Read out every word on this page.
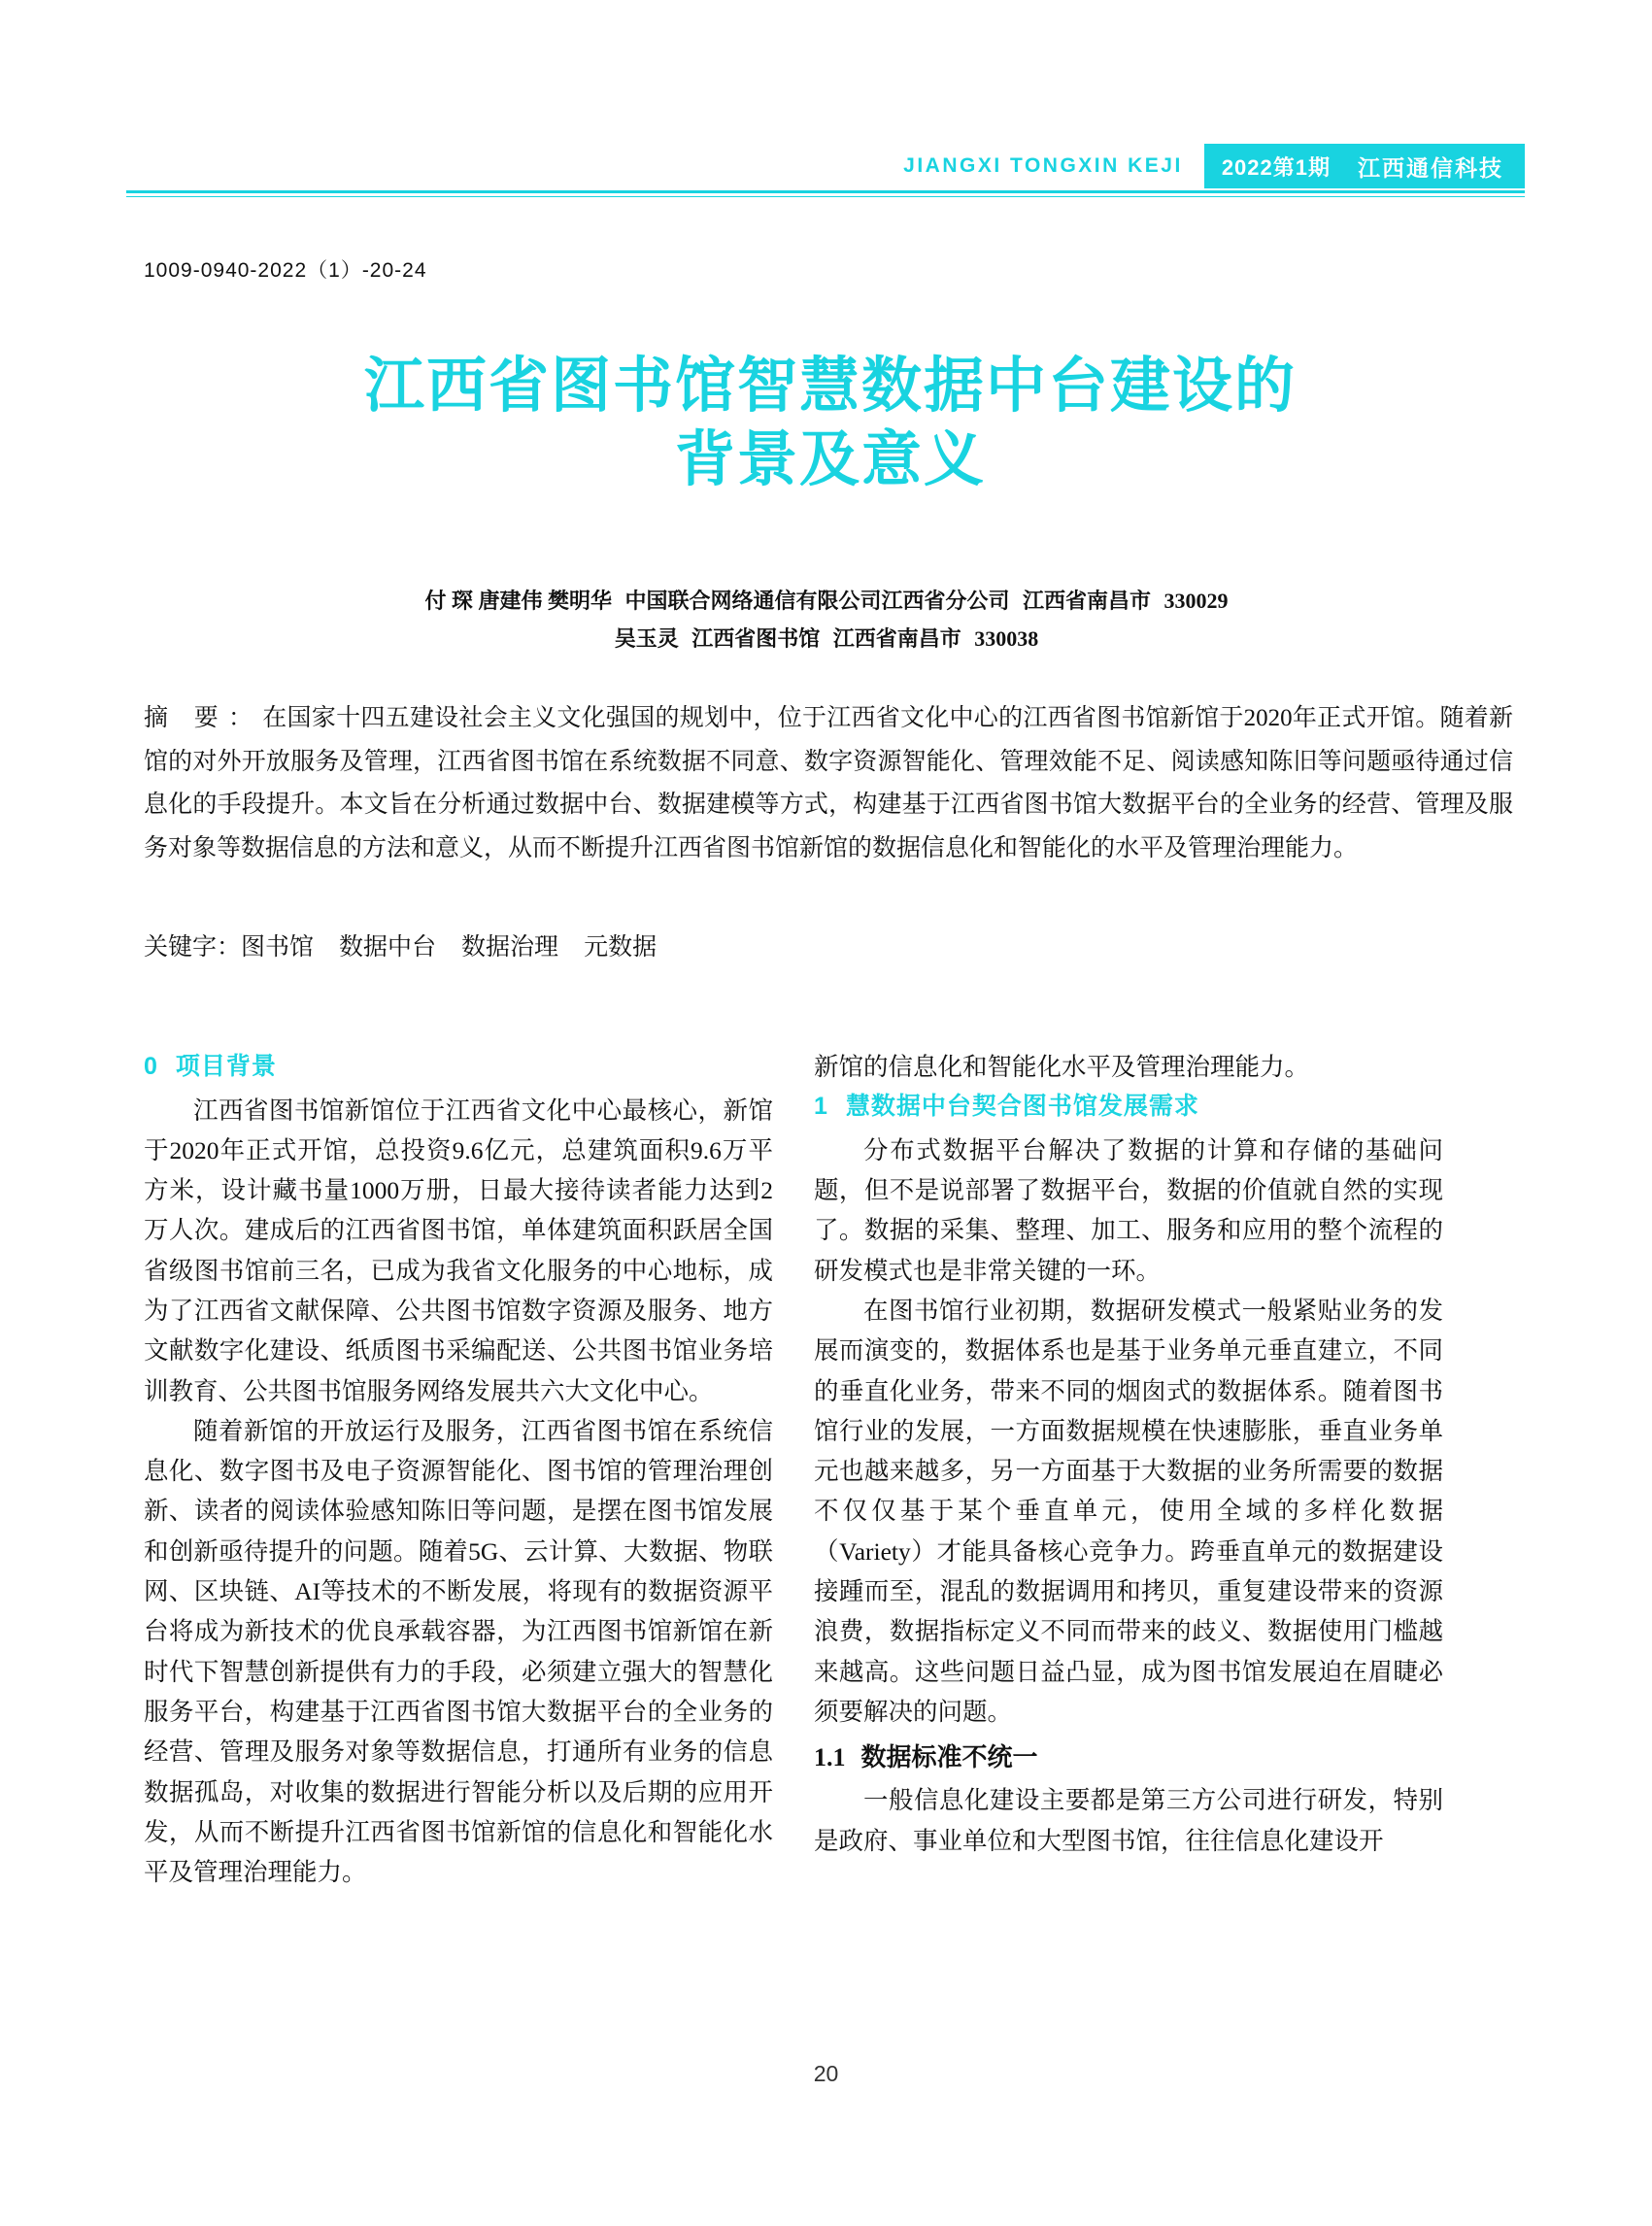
JIANGXI TONGXIN KEJI	2022第1期	江西通信科技
1009-0940-2022（1）-20-24
江西省图书馆智慧数据中台建设的
背景及意义
付 琛 唐建伟 樊明华 中国联合网络通信有限公司江西省分公司 江西省南昌市 330029
吴玉灵 江西省图书馆 江西省南昌市 330038
摘 要：在国家十四五建设社会主义文化强国的规划中，位于江西省文化中心的江西省图书馆新馆于2020年正式开馆。随着新馆的对外开放服务及管理，江西省图书馆在系统数据不同意、数字资源智能化、管理效能不足、阅读感知陈旧等问题亟待通过信息化的手段提升。本文旨在分析通过数据中台、数据建模等方式，构建基于江西省图书馆大数据平台的全业务的经营、管理及服务对象等数据信息的方法和意义，从而不断提升江西省图书馆新馆的数据信息化和智能化的水平及管理治理能力。
关键字：图书馆 数据中台 数据治理 元数据
0 项目背景

江西省图书馆新馆位于江西省文化中心最核心，新馆于2020年正式开馆，总投资9.6亿元，总建筑面积9.6万平方米，设计藏书量1000万册，日最大接待读者能力达到2万人次。建成后的江西省图书馆，单体建筑面积跃居全国省级图书馆前三名，已成为我省文化服务的中心地标，成为了江西省文献保障、公共图书馆数字资源及服务、地方文献数字化建设、纸质图书采编配送、公共图书馆业务培训教育、公共图书馆服务网络发展共六大文化中心。

随着新馆的开放运行及服务，江西省图书馆在系统信息化、数字图书及电子资源智能化、图书馆的管理治理创新、读者的阅读体验感知陈旧等问题，是摆在图书馆发展和创新亟待提升的问题。随着5G、云计算、大数据、物联网、区块链、AI等技术的不断发展，将现有的数据资源平台将成为新技术的优良承载容器，为江西图书馆新馆在新时代下智慧创新提供有力的手段，必须建立强大的智慧化服务平台，构建基于江西省图书馆大数据平台的全业务的经营、管理及服务对象等数据信息，打通所有业务的信息数据孤岛，对收集的数据进行智能分析以及后期的应用开发，从而不断提升江西省图书馆新馆的信息化和智能化水平及管理治理能力。

新馆的信息化和智能化水平及管理治理能力。

1 慧数据中台契合图书馆发展需求

分布式数据平台解决了数据的计算和存储的基础问题，但不是说部署了数据平台，数据的价值就自然的实现了。数据的采集、整理、加工、服务和应用的整个流程的研发模式也是非常关键的一环。

在图书馆行业初期，数据研发模式一般紧贴业务的发展而演变的，数据体系也是基于业务单元垂直建立，不同的垂直化业务，带来不同的烟囱式的数据体系。随着图书馆行业的发展，一方面数据规模在快速膨胀，垂直业务单元也越来越多，另一方面基于大数据的业务所需要的数据不仅仅基于某个垂直单元，使用全域的多样化数据（Variety）才能具备核心竞争力。跨垂直单元的数据建设接踵而至，混乱的数据调用和拷贝，重复建设带来的资源浪费，数据指标定义不同而带来的歧义、数据使用门槛越来越高。这些问题日益凸显，成为图书馆发展迫在眉睫必须要解决的问题。

1.1 数据标准不统一

一般信息化建设主要都是第三方公司进行研发，特别是政府、事业单位和大型图书馆，往往信息化建设开

20
